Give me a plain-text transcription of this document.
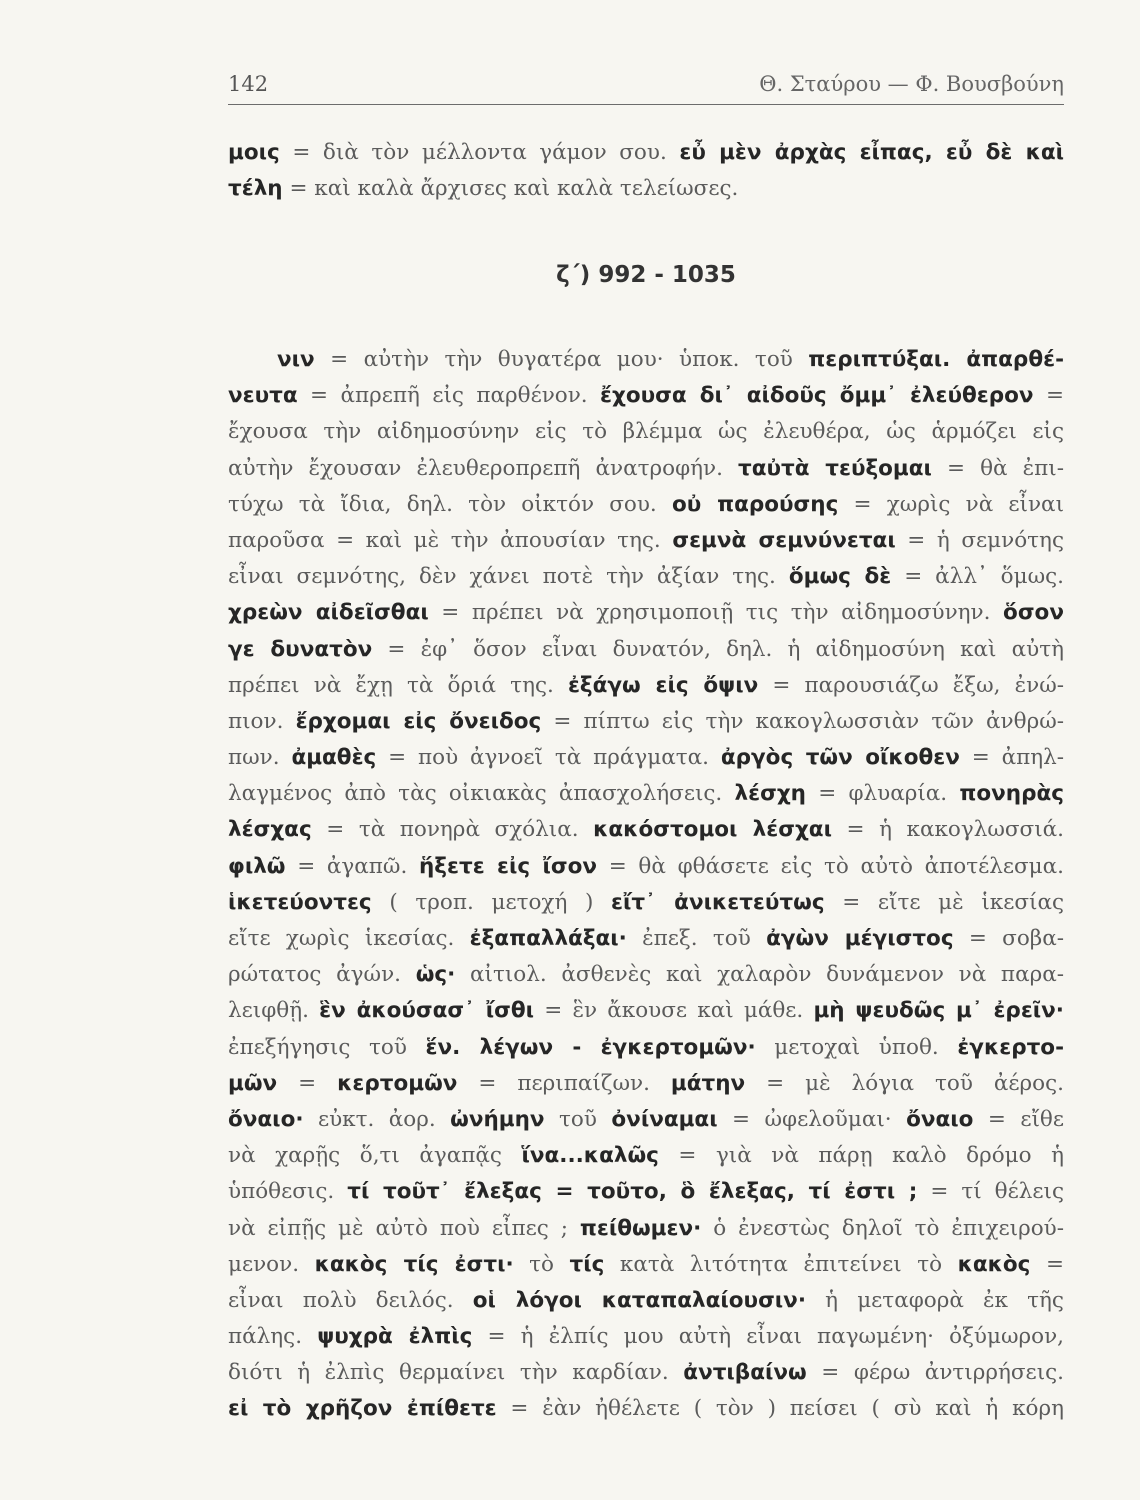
142	Θ. Σταύρου — Φ. Βουσβούνη
μοις = διὰ τὸν μέλλοντα γάμον σου. εὖ μὲν ἀρχὰς εἶπας, εὖ δὲ καὶ
τέλη = καὶ καλὰ ἄρχισες καὶ καλὰ τελείωσες.
ζ΄) 992 - 1035
νιν = αὐτὴν τὴν θυγατέρα μου· ὑποκ. τοῦ περιπτύξαι. ἀπαρθέ-
νευτα = ἀπρεπῆ εἰς παρθένον. ἔχουσα δι᾽ αἰδοῦς ὄμμ᾽ ἐλεύθερον =
ἔχουσα τὴν αἰδημοσύνην εἰς τὸ βλέμμα ὡς ἐλευθέρα, ὡς ἁρμόζει εἰς
αὐτὴν ἔχουσαν ἐλευθεροπρεπῆ ἀνατροφήν. ταὐτὰ τεύξομαι = θὰ ἐπι-
τύχω τὰ ἴδια, δηλ. τὸν οἰκτόν σου. οὐ παρούσης = χωρὶς νὰ εἶναι
παροῦσα = καὶ μὲ τὴν ἀπουσίαν της. σεμνὰ σεμνύνεται = ἡ σεμνότης
εἶναι σεμνότης, δὲν χάνει ποτὲ τὴν ἀξίαν της. ὅμως δὲ = ἀλλ᾽ ὅμως.
χρεὼν αἰδεῖσθαι = πρέπει νὰ χρησιμοποιῇ τις τὴν αἰδημοσύνην. ὅσον
γε δυνατὸν = ἐφ᾽ ὅσον εἶναι δυνατόν, δηλ. ἡ αἰδημοσύνη καὶ αὐτὴ
πρέπει νὰ ἔχῃ τὰ ὅριά της. ἐξάγω εἰς ὄψιν = παρουσιάζω ἔξω, ἐνώ-
πιον. ἔρχομαι εἰς ὄνειδος = πίπτω εἰς τὴν κακογλωσσιὰν τῶν ἀνθρώ-
πων. ἀμαθὲς = ποὺ ἀγνοεῖ τὰ πράγματα. ἀργὸς τῶν οἴκοθεν = ἀπηλ-
λαγμένος ἀπὸ τὰς οἰκιακὰς ἀπασχολήσεις. λέσχη = φλυαρία. πονηρὰς
λέσχας = τὰ πονηρὰ σχόλια. κακόστομοι λέσχαι = ἡ κακογλωσσιά.
φιλῶ = ἀγαπῶ. ἥξετε εἰς ἴσον = θὰ φθάσετε εἰς τὸ αὐτὸ ἀποτέλεσμα.
ἱκετεύοντες ( τροπ. μετοχή ) εἴτ᾽ ἀνικετεύτως = εἴτε μὲ ἱκεσίας
εἴτε χωρὶς ἱκεσίας. ἐξαπαλλάξαι· ἐπεξ. τοῦ ἀγὼν μέγιστος = σοβα-
ρώτατος ἀγών. ὡς· αἰτιολ. ἀσθενὲς καὶ χαλαρὸν δυνάμενον νὰ παρα-
λειφθῇ. ἓν ἀκούσασ᾽ ἴσθι = ἓν ἄκουσε καὶ μάθε. μὴ ψευδῶς μ᾽ ἐρεῖν·
ἐπεξήγησις τοῦ ἕν. λέγων - ἐγκερτομῶν· μετοχαὶ ὑποθ. ἐγκερτο-
μῶν = κερτομῶν = περιπαίζων. μάτην = μὲ λόγια τοῦ ἀέρος.
ὄναιο· εὐκτ. ἀορ. ὠνήμην τοῦ ὀνίναμαι = ὠφελοῦμαι· ὄναιο = εἴθε
νὰ χαρῇς ὅ,τι ἀγαπᾷς ἵνα...καλῶς = γιὰ νὰ πάρῃ καλὸ δρόμο ἡ
ὑπόθεσις. τί τοῦτ᾽ ἔλεξας = τοῦτο, ὃ ἔλεξας, τί ἐστι ; = τί θέλεις
νὰ εἰπῇς μὲ αὐτὸ ποὺ εἶπες ; πείθωμεν· ὁ ἐνεστὼς δηλοῖ τὸ ἐπιχειρού-
μενον. κακὸς τίς ἐστι· τὸ τίς κατὰ λιτότητα ἐπιτείνει τὸ κακὸς =
εἶναι πολὺ δειλός. οἱ λόγοι καταπαλαίουσιν· ἡ μεταφορὰ ἐκ τῆς
πάλης. ψυχρὰ ἐλπὶς = ἡ ἐλπίς μου αὐτὴ εἶναι παγωμένη· ὀξύμωρον,
διότι ἡ ἐλπὶς θερμαίνει τὴν καρδίαν. ἀντιβαίνω = φέρω ἀντιρρήσεις.
εἰ τὸ χρῆζον ἐπίθετε = ἐὰν ἠθέλετε ( τὸν ) πείσει ( σὺ καὶ ἡ κόρη
